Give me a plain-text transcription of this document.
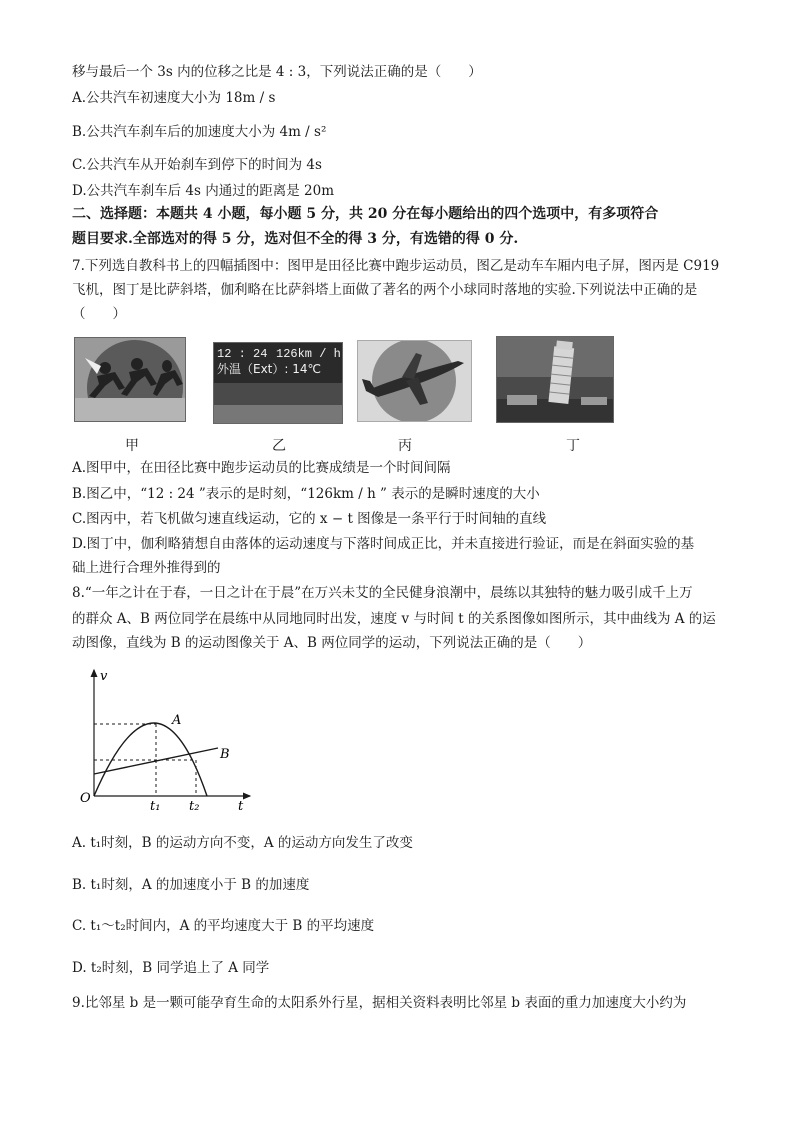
移与最后一个 3s 内的位移之比是 4 : 3，下列说法正确的是（　　）
A.公共汽车初速度大小为 18m / s
B.公共汽车刹车后的加速度大小为 4m / s²
C.公共汽车从开始刹车到停下的时间为 4s
D.公共汽车刹车后 4s 内通过的距离是 20m
二、选择题：本题共 4 小题，每小题 5 分，共 20 分在每小题给出的四个选项中，有多项符合
题目要求.全部选对的得 5 分，选对但不全的得 3 分，有选错的得 0 分.
7.下列选自教科书上的四幅插图中：图甲是田径比赛中跑步运动员，图乙是动车车厢内电子屏，图丙是 C919
飞机，图丁是比萨斜塔，伽利略在比萨斜塔上面做了著名的两个小球同时落地的实验.下列说法中正确的是
（　　）
12 : 24 126km / h
外温（Ext）: 14℃
甲	乙	丙	丁
A.图甲中，在田径比赛中跑步运动员的比赛成绩是一个时间间隔
B.图乙中，“12 : 24 ”表示的是时刻，“126km / h ” 表示的是瞬时速度的大小
C.图丙中，若飞机做匀速直线运动，它的 x − t 图像是一条平行于时间轴的直线
D.图丁中，伽利略猜想自由落体的运动速度与下落时间成正比，并未直接进行验证，而是在斜面实验的基
础上进行合理外推得到的
8.“一年之计在于春，一日之计在于晨”在万兴未艾的全民健身浪潮中，晨练以其独特的魅力吸引成千上万
的群众 A、B 两位同学在晨练中从同地同时出发，速度 v 与时间 t 的关系图像如图所示，其中曲线为 A 的运
动图像，直线为 B 的运动图像关于 A、B 两位同学的运动，下列说法正确的是（　　）
v
t
O
A
B
t₁ t₂
A. t₁时刻，B 的运动方向不变，A 的运动方向发生了改变
B. t₁时刻，A 的加速度小于 B 的加速度
C. t₁～t₂时间内，A 的平均速度大于 B 的平均速度
D. t₂时刻，B 同学追上了 A 同学
9.比邻星 b 是一颗可能孕育生命的太阳系外行星，据相关资料表明比邻星 b 表面的重力加速度大小约为
